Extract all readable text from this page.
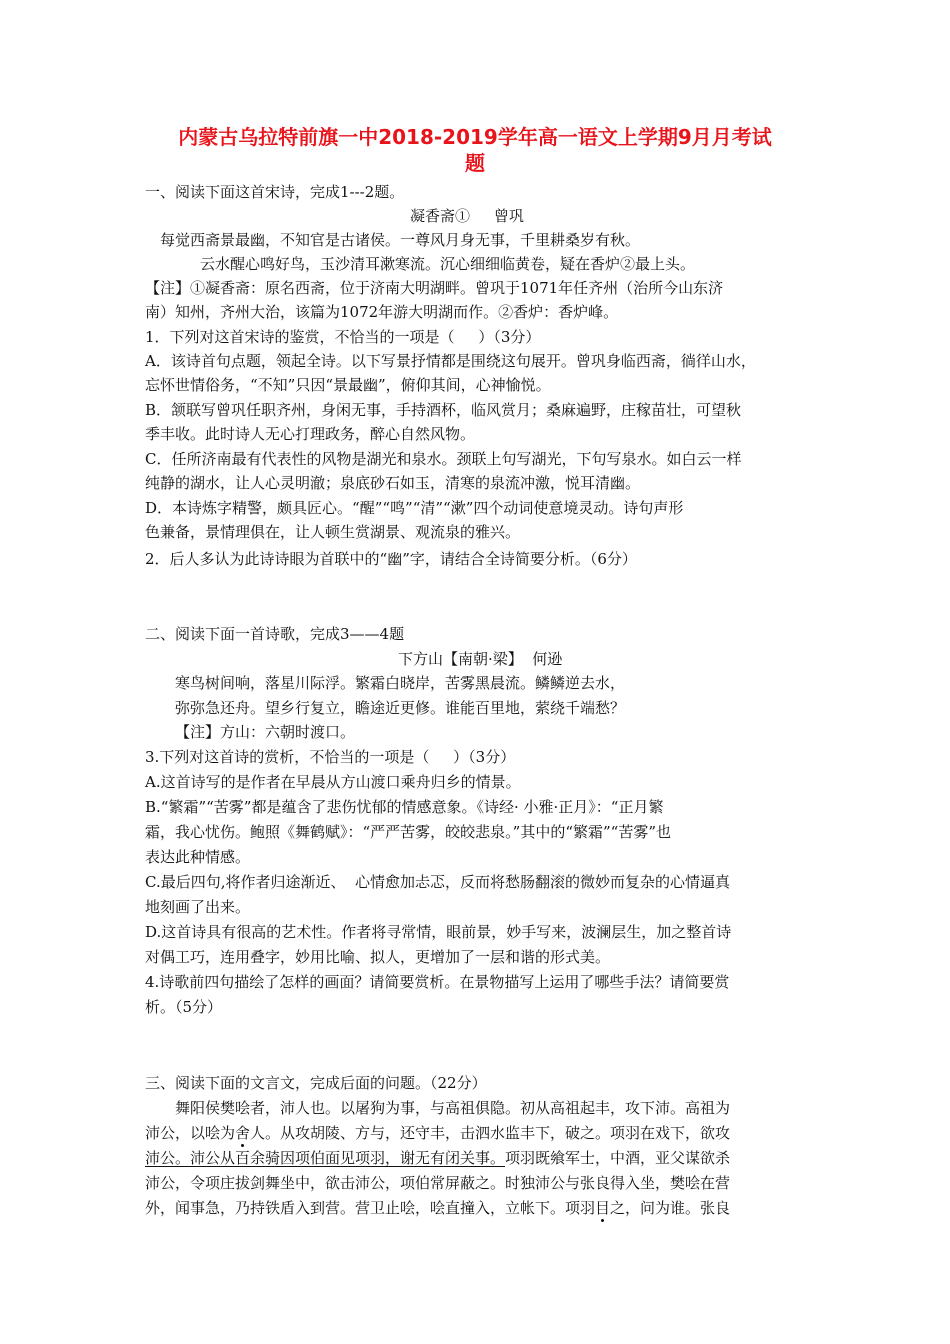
内蒙古乌拉特前旗一中2018-2019学年高一语文上学期9月月考试
题
一、阅读下面这首宋诗，完成1---2题。
凝香斋①     曾巩
每觉西斋景最幽，不知官是古诸侯。一尊风月身无事，千里耕桑岁有秋。
云水醒心鸣好鸟，玉沙清耳漱寒流。沉心细细临黄卷，疑在香炉②最上头。
【注】①凝香斋：原名西斋，位于济南大明湖畔。曾巩于1071年任齐州（治所今山东济
南）知州，齐州大治，该篇为1072年游大明湖而作。②香炉：香炉峰。
1．下列对这首宋诗的鉴赏，不恰当的一项是（     ）（3分）
A．该诗首句点题，领起全诗。以下写景抒情都是围绕这句展开。曾巩身临西斋，徜徉山水，
忘怀世情俗务，“不知”只因“景最幽”，俯仰其间，心神愉悦。
B．颔联写曾巩任职齐州，身闲无事，手持酒杯，临风赏月；桑麻遍野，庄稼苗壮，可望秋
季丰收。此时诗人无心打理政务，醉心自然风物。
C．任所济南最有代表性的风物是湖光和泉水。颈联上句写湖光，下句写泉水。如白云一样
纯静的湖水，让人心灵明澈；泉底砂石如玉，清寒的泉流冲激，悦耳清幽。
D．本诗炼字精警，颇具匠心。“醒”“鸣”“清”“漱”四个动词使意境灵动。诗句声形
色兼备，景情理俱在，让人顿生赏湖景、观流泉的雅兴。
2．后人多认为此诗诗眼为首联中的“幽”字，请结合全诗简要分析。（6分）
二、阅读下面一首诗歌，完成3——4题
下方山【南朝·梁】  何逊
寒鸟树间响，落星川际浮。繁霜白晓岸，苦雾黑晨流。鳞鳞逆去水，
弥弥急还舟。望乡行复立，瞻途近更修。谁能百里地，萦绕千端愁？
【注】方山：六朝时渡口。
3.下列对这首诗的赏析，不恰当的一项是（     ）（3分）
A.这首诗写的是作者在早晨从方山渡口乘舟归乡的情景。
B.“繁霜”“苦雾”都是蕴含了悲伤忧郁的情感意象。《诗经· 小雅·正月》：“正月繁
霜，我心忧伤。鲍照《舞鹤赋》：“严严苦雾，皎皎悲泉。”其中的“繁霜”“苦雾”也
表达此种情感。
C.最后四句,将作者归途渐近、  心情愈加忐忑，反而将愁肠翻滚的微妙而复杂的心情逼真
地刻画了出来。
D.这首诗具有很高的艺术性。作者将寻常情，眼前景，妙手写来，波澜层生，加之整首诗
对偶工巧，连用叠字，妙用比喻、拟人，更增加了一层和谐的形式美。
4.诗歌前四句描绘了怎样的画面？请简要赏析。在景物描写上运用了哪些手法？请简要赏
析。（5分）
三、阅读下面的文言文，完成后面的问题。（22分）
舞阳侯樊哙者，沛人也。以屠狗为事，与高祖俱隐。初从高祖起丰，攻下沛。高祖为
沛公，以哙为舍人。从攻胡陵、方与，还守丰，击泗水监丰下，破之。项羽在戏下，欲攻
沛公。沛公从百余骑因项伯面见项羽，谢无有闭关事。项羽既飨军士，中酒，亚父谋欲杀
沛公，令项庄拔剑舞坐中，欲击沛公，项伯常屏蔽之。时独沛公与张良得入坐，樊哙在营
外，闻事急，乃持铁盾入到营。营卫止哙，哙直撞入，立帐下。项羽目之，问为谁。张良
